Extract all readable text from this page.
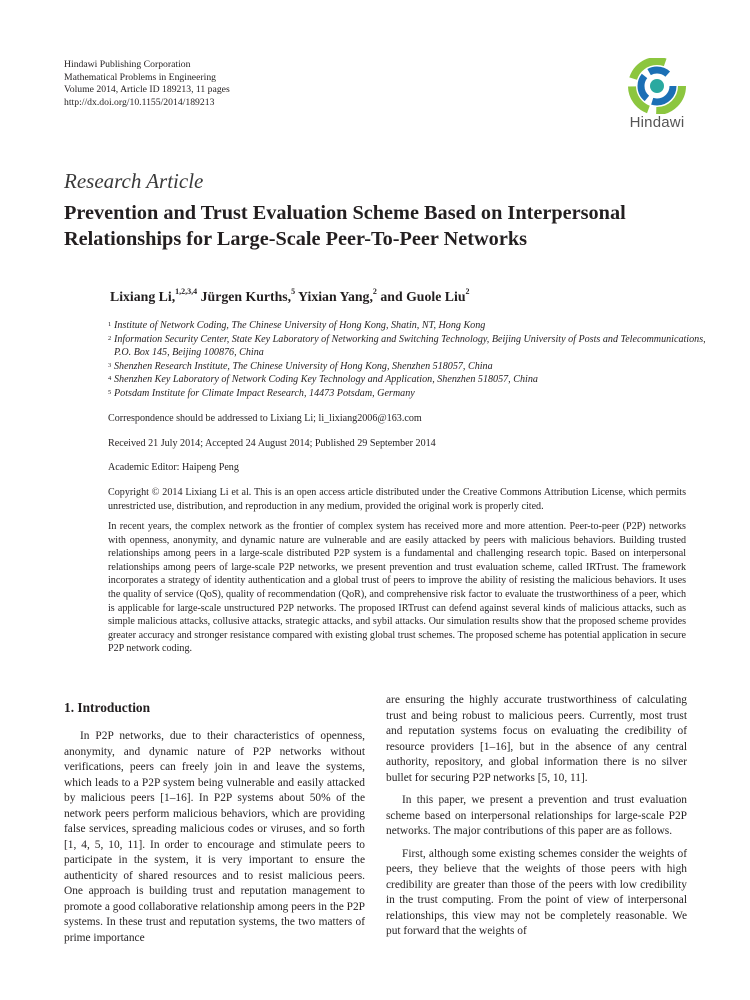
Hindawi Publishing Corporation
Mathematical Problems in Engineering
Volume 2014, Article ID 189213, 11 pages
http://dx.doi.org/10.1155/2014/189213
Hindawi
Research Article
Prevention and Trust Evaluation Scheme Based on Interpersonal Relationships for Large-Scale Peer-To-Peer Networks
Lixiang Li,$^{1,2,3,4}$ Jürgen Kurths,$^5$ Yixian Yang,$^2$ and Guole Liu$^2$
1 Institute of Network Coding, The Chinese University of Hong Kong, Shatin, NT, Hong Kong
2 Information Security Center, State Key Laboratory of Networking and Switching Technology, Beijing University of Posts and Telecommunications, P.O. Box 145, Beijing 100876, China
3 Shenzhen Research Institute, The Chinese University of Hong Kong, Shenzhen 518057, China
4 Shenzhen Key Laboratory of Network Coding Key Technology and Application, Shenzhen 518057, China
5 Potsdam Institute for Climate Impact Research, 14473 Potsdam, Germany
Correspondence should be addressed to Lixiang Li; li_lixiang2006@163.com
Received 21 July 2014; Accepted 24 August 2014; Published 29 September 2014
Academic Editor: Haipeng Peng
Copyright © 2014 Lixiang Li et al. This is an open access article distributed under the Creative Commons Attribution License, which permits unrestricted use, distribution, and reproduction in any medium, provided the original work is properly cited.
In recent years, the complex network as the frontier of complex system has received more and more attention. Peer-to-peer (P2P) networks with openness, anonymity, and dynamic nature are vulnerable and are easily attacked by peers with malicious behaviors. Building trusted relationships among peers in a large-scale distributed P2P system is a fundamental and challenging research topic. Based on interpersonal relationships among peers of large-scale P2P networks, we present prevention and trust evaluation scheme, called IRTrust. The framework incorporates a strategy of identity authentication and a global trust of peers to improve the ability of resisting the malicious behaviors. It uses the quality of service (QoS), quality of recommendation (QoR), and comprehensive risk factor to evaluate the trustworthiness of a peer, which is applicable for large-scale unstructured P2P networks. The proposed IRTrust can defend against several kinds of malicious attacks, such as simple malicious attacks, collusive attacks, strategic attacks, and sybil attacks. Our simulation results show that the proposed scheme provides greater accuracy and stronger resistance compared with existing global trust schemes. The proposed scheme has potential application in secure P2P network coding.
1. Introduction
In P2P networks, due to their characteristics of openness, anonymity, and dynamic nature of P2P networks without verifications, peers can freely join in and leave the systems, which leads to a P2P system being vulnerable and easily attacked by malicious peers [1–16]. In P2P systems about 50% of the network peers perform malicious behaviors, which are providing false services, spreading malicious codes or viruses, and so forth [1, 4, 5, 10, 11]. In order to encourage and stimulate peers to participate in the system, it is very important to ensure the authenticity of shared resources and to resist malicious peers. One approach is building trust and reputation management to promote a good collaborative relationship among peers in the P2P systems. In these trust and reputation systems, the two matters of prime importance

are ensuring the highly accurate trustworthiness of calculating trust and being robust to malicious peers. Currently, most trust and reputation systems focus on evaluating the credibility of resource providers [1–16], but in the absence of any central authority, repository, and global information there is no silver bullet for securing P2P networks [5, 10, 11].

In this paper, we present a prevention and trust evaluation scheme based on interpersonal relationships for large-scale P2P networks. The major contributions of this paper are as follows.

First, although some existing schemes consider the weights of peers, they believe that the weights of those peers with high credibility are greater than those of the peers with low credibility in the trust computing. From the point of view of interpersonal relationships, this view may not be completely reasonable. We put forward that the weights of
